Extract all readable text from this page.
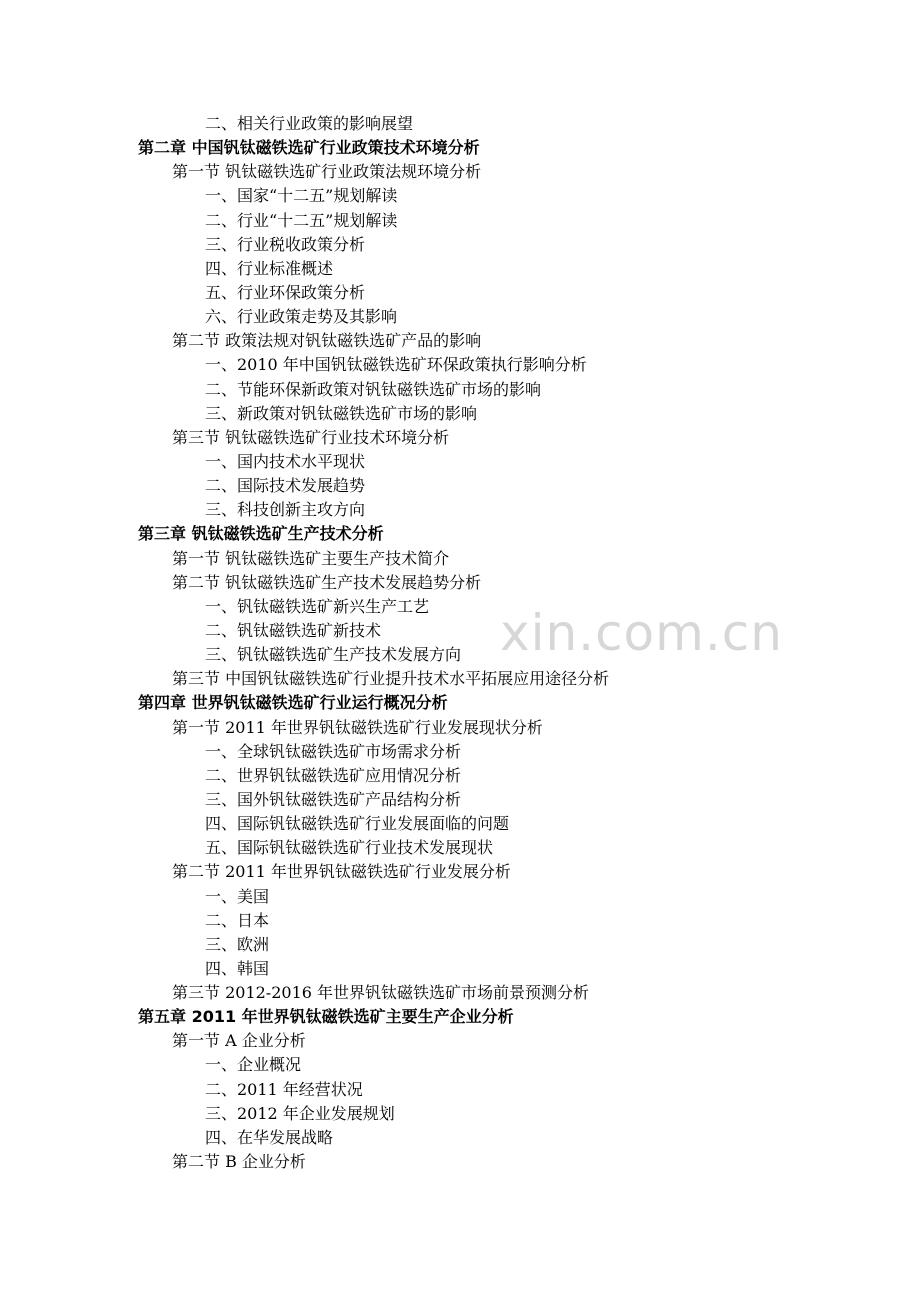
xin.com.cn
二、相关行业政策的影响展望
第二章 中国钒钛磁铁选矿行业政策技术环境分析
第一节 钒钛磁铁选矿行业政策法规环境分析
一、国家“十二五”规划解读
二、行业“十二五”规划解读
三、行业税收政策分析
四、行业标准概述
五、行业环保政策分析
六、行业政策走势及其影响
第二节 政策法规对钒钛磁铁选矿产品的影响
一、2010 年中国钒钛磁铁选矿环保政策执行影响分析
二、节能环保新政策对钒钛磁铁选矿市场的影响
三、新政策对钒钛磁铁选矿市场的影响
第三节 钒钛磁铁选矿行业技术环境分析
一、国内技术水平现状
二、国际技术发展趋势
三、科技创新主攻方向
第三章 钒钛磁铁选矿生产技术分析
第一节 钒钛磁铁选矿主要生产技术简介
第二节 钒钛磁铁选矿生产技术发展趋势分析
一、钒钛磁铁选矿新兴生产工艺
二、钒钛磁铁选矿新技术
三、钒钛磁铁选矿生产技术发展方向
第三节 中国钒钛磁铁选矿行业提升技术水平拓展应用途径分析
第四章 世界钒钛磁铁选矿行业运行概况分析
第一节 2011 年世界钒钛磁铁选矿行业发展现状分析
一、全球钒钛磁铁选矿市场需求分析
二、世界钒钛磁铁选矿应用情况分析
三、国外钒钛磁铁选矿产品结构分析
四、国际钒钛磁铁选矿行业发展面临的问题
五、国际钒钛磁铁选矿行业技术发展现状
第二节 2011 年世界钒钛磁铁选矿行业发展分析
一、美国
二、日本
三、欧洲
四、韩国
第三节 2012-2016 年世界钒钛磁铁选矿市场前景预测分析
第五章 2011 年世界钒钛磁铁选矿主要生产企业分析
第一节 A 企业分析
一、企业概况
二、2011 年经营状况
三、2012 年企业发展规划
四、在华发展战略
第二节 B 企业分析
